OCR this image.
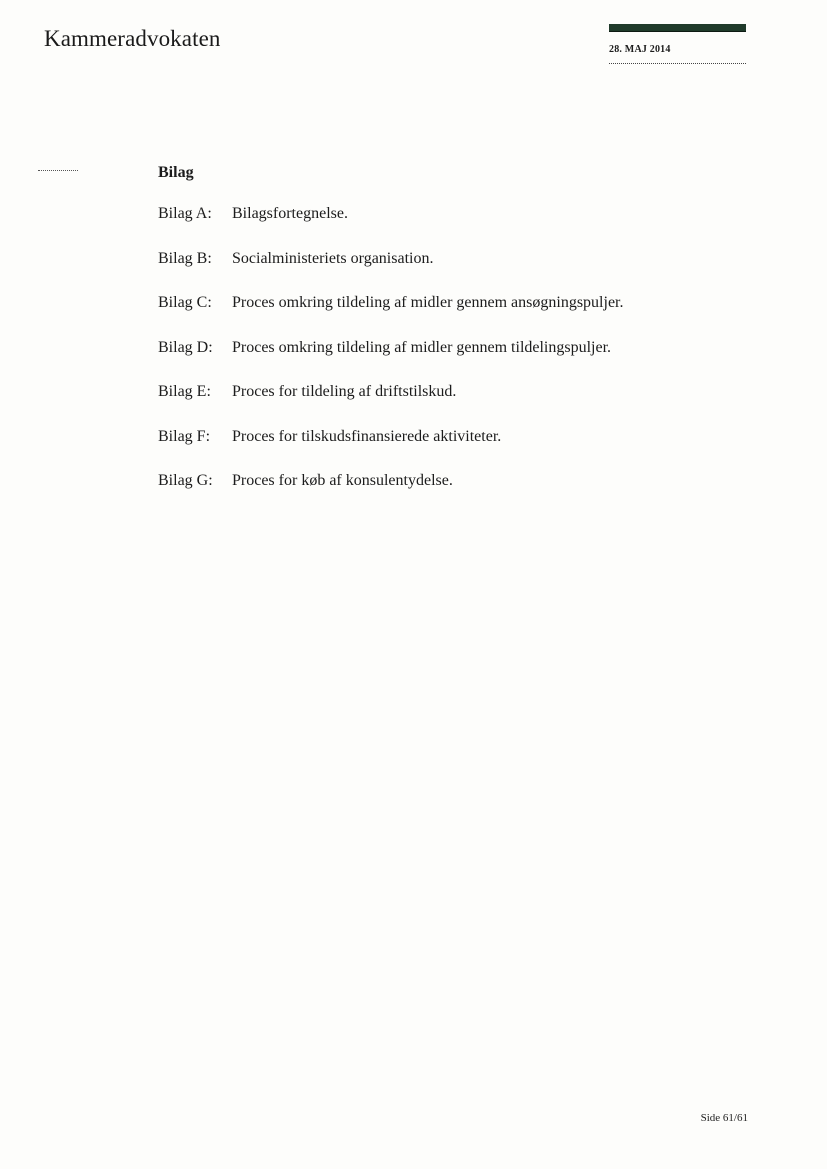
Kammeradvokaten	28. MAJ 2014
Bilag
Bilag A:	Bilagsfortegnelse.
Bilag B:	Socialministeriets organisation.
Bilag C:	Proces omkring tildeling af midler gennem ansøgningspuljer.
Bilag D:	Proces omkring tildeling af midler gennem tildelingspuljer.
Bilag E:	Proces for tildeling af driftstilskud.
Bilag F:	Proces for tilskudsfinansierede aktiviteter.
Bilag G:	Proces for køb af konsulentydelse.
Side 61/61
